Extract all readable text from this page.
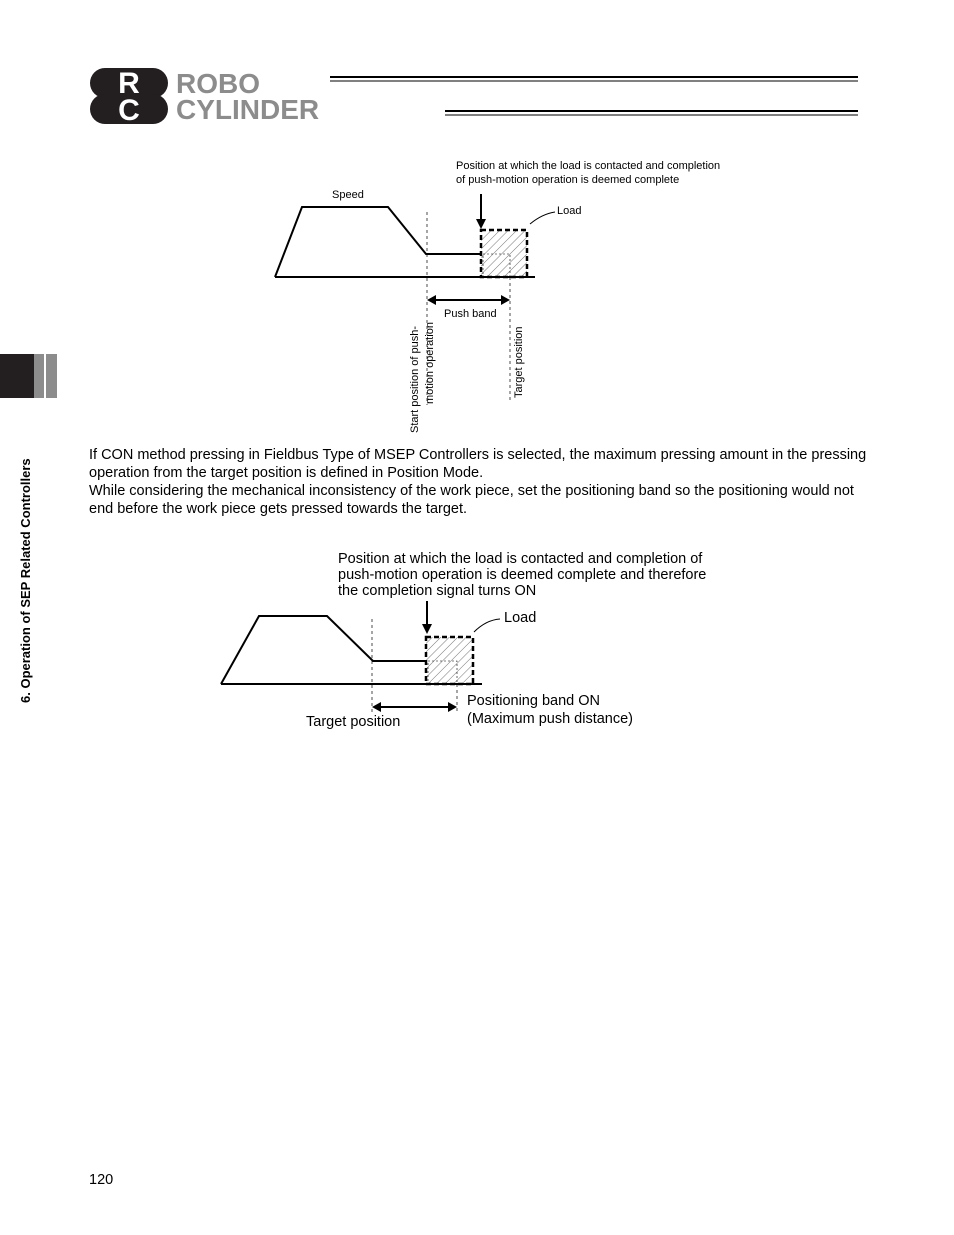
R
C
ROBO
CYLINDER
6. Operation of SEP Related Controllers
Position at which the load is contacted and completion
of push-motion operation is deemed complete
Speed
Load
Push band
Start position of push- motion operation	Target position

If CON method pressing in Fieldbus Type of MSEP Controllers is selected, the maximum pressing amount in the pressing operation from the target position is defined in Position Mode.

While considering the mechanical inconsistency of the work piece, set the positioning band so the positioning would not end before the work piece gets pressed towards the target.

Position at which the load is contacted and completion of
push-motion operation is deemed complete and therefore
the completion signal turns ON
Load
Target position
Positioning band ON
(Maximum push distance)
120
